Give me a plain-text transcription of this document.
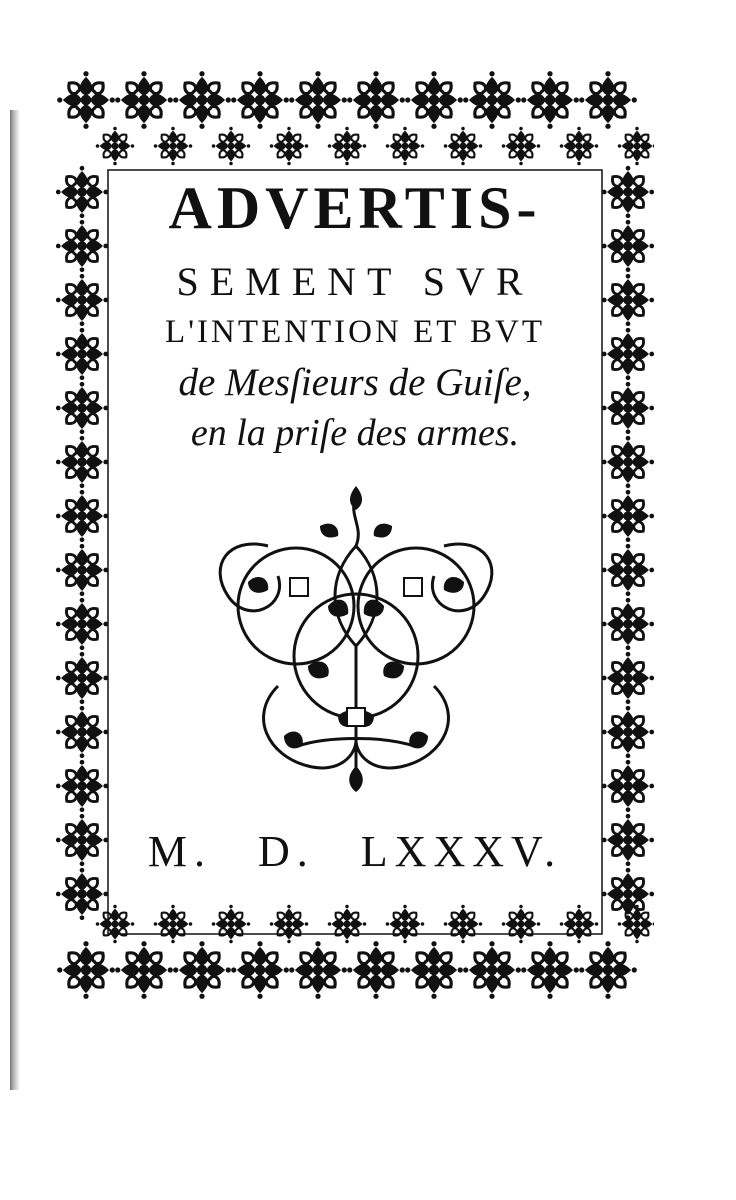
ADVERTIS-

SEMENT SVR

L'INTENTION ET BVT

de Mesſieurs de Guiſe,

en la priſe des armes.

M. D. LXXXV.
